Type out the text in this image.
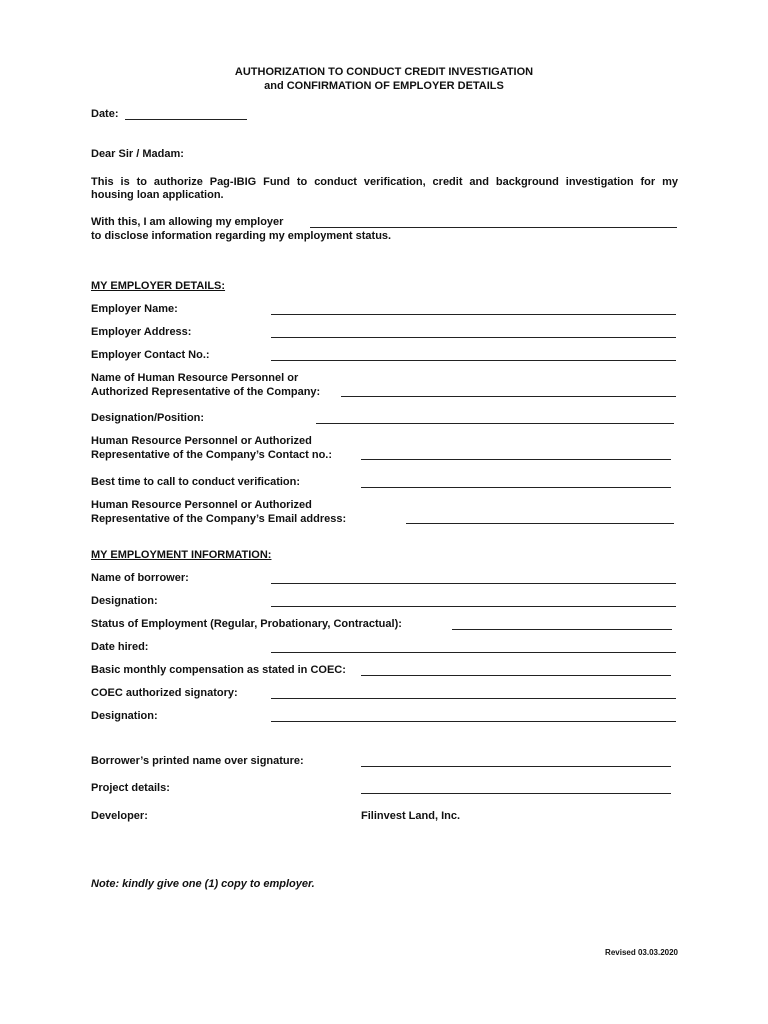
AUTHORIZATION TO CONDUCT CREDIT INVESTIGATION
and CONFIRMATION OF EMPLOYER DETAILS
Date:
Dear Sir / Madam:
This is to authorize Pag-IBIG Fund to conduct verification, credit and background investigation for my
housing loan application.
With this, I am allowing my employer
to disclose information regarding my employment status.
MY EMPLOYER DETAILS:
Employer Name:
Employer Address:
Employer Contact No.:
Name of Human Resource Personnel or
Authorized Representative of the Company:
Designation/Position:
Human Resource Personnel or Authorized
Representative of the Company’s Contact no.:
Best time to call to conduct verification:
Human Resource Personnel or Authorized
Representative of the Company’s Email address:
MY EMPLOYMENT INFORMATION:
Name of borrower:
Designation:
Status of Employment (Regular, Probationary, Contractual):
Date hired:
Basic monthly compensation as stated in COEC:
COEC authorized signatory:
Designation:
Borrower’s printed name over signature:
Project details:
Developer:	Filinvest Land, Inc.
Note: kindly give one (1) copy to employer.
Revised 03.03.2020
